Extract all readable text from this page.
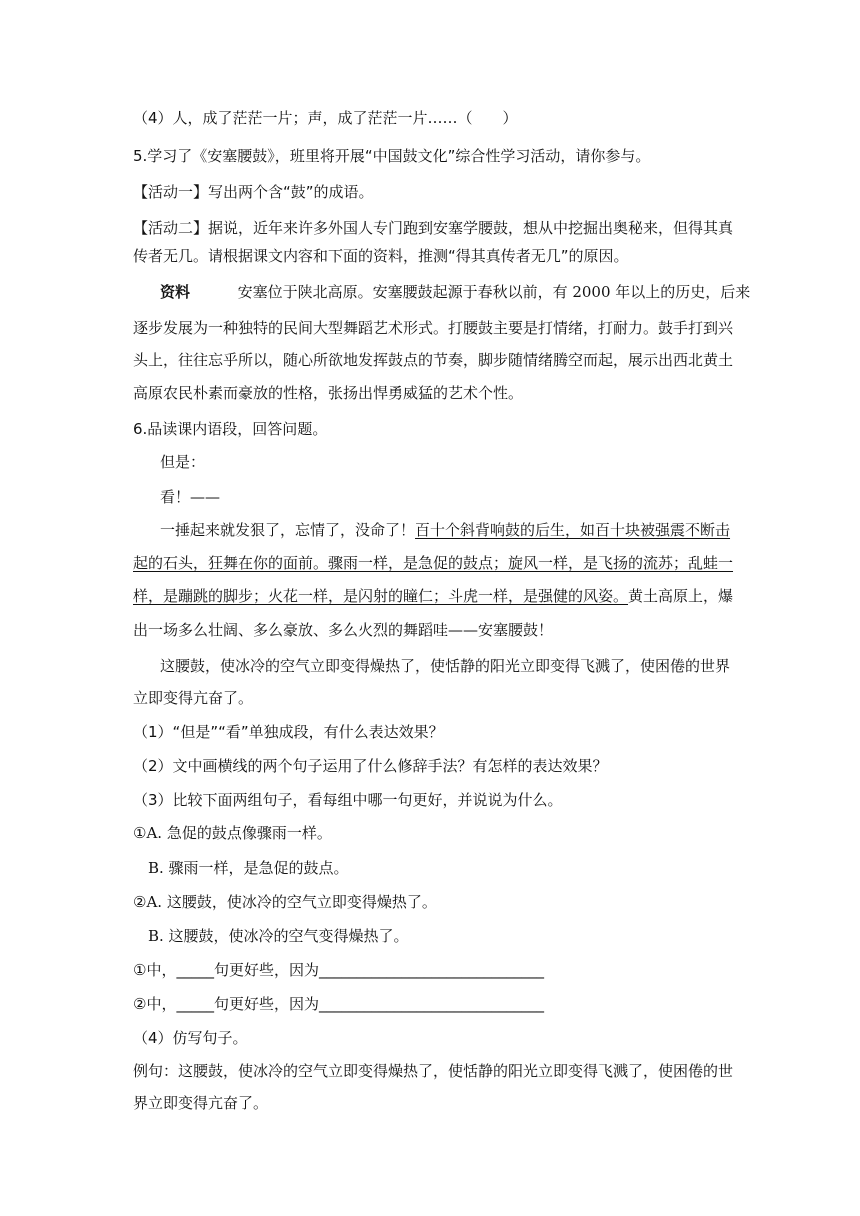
（4）人，成了茫茫一片；声，成了茫茫一片……（　　）
5.学习了《安塞腰鼓》，班里将开展“中国鼓文化”综合性学习活动，请你参与。
【活动一】写出两个含“鼓”的成语。
【活动二】据说，近年来许多外国人专门跑到安塞学腰鼓，想从中挖掘出奥秘来，但得其真
传者无几。请根据课文内容和下面的资料，推测“得其真传者无几”的原因。
资料	安塞位于陕北高原。安塞腰鼓起源于春秋以前，有 2000 年以上的历史，后来
逐步发展为一种独特的民间大型舞蹈艺术形式。打腰鼓主要是打情绪，打耐力。鼓手打到兴
头上，往往忘乎所以，随心所欲地发挥鼓点的节奏，脚步随情绪腾空而起，展示出西北黄土
高原农民朴素而豪放的性格，张扬出悍勇威猛的艺术个性。
6.品读课内语段，回答问题。
但是：
看！——
一捶起来就发狠了，忘情了，没命了！百十个斜背响鼓的后生，如百十块被强震不断击
起的石头，狂舞在你的面前。骤雨一样，是急促的鼓点；旋风一样，是飞扬的流苏；乱蛙一
样，是蹦跳的脚步；火花一样，是闪射的瞳仁；斗虎一样，是强健的风姿。黄土高原上，爆
出一场多么壮阔、多么豪放、多么火烈的舞蹈哇——安塞腰鼓！
这腰鼓，使冰冷的空气立即变得燥热了，使恬静的阳光立即变得飞溅了，使困倦的世界
立即变得亢奋了。
（1）“但是”“看”单独成段，有什么表达效果？
（2）文中画横线的两个句子运用了什么修辞手法？有怎样的表达效果？
（3）比较下面两组句子，看每组中哪一句更好，并说说为什么。
①A. 急促的鼓点像骤雨一样。
B. 骤雨一样，是急促的鼓点。
②A. 这腰鼓，使冰冷的空气立即变得燥热了。
B. 这腰鼓，使冰冷的空气变得燥热了。
①中，_____句更好些，因为______________________________
②中，_____句更好些，因为______________________________
（4）仿写句子。
例句：这腰鼓，使冰冷的空气立即变得燥热了，使恬静的阳光立即变得飞溅了，使困倦的世
界立即变得亢奋了。
